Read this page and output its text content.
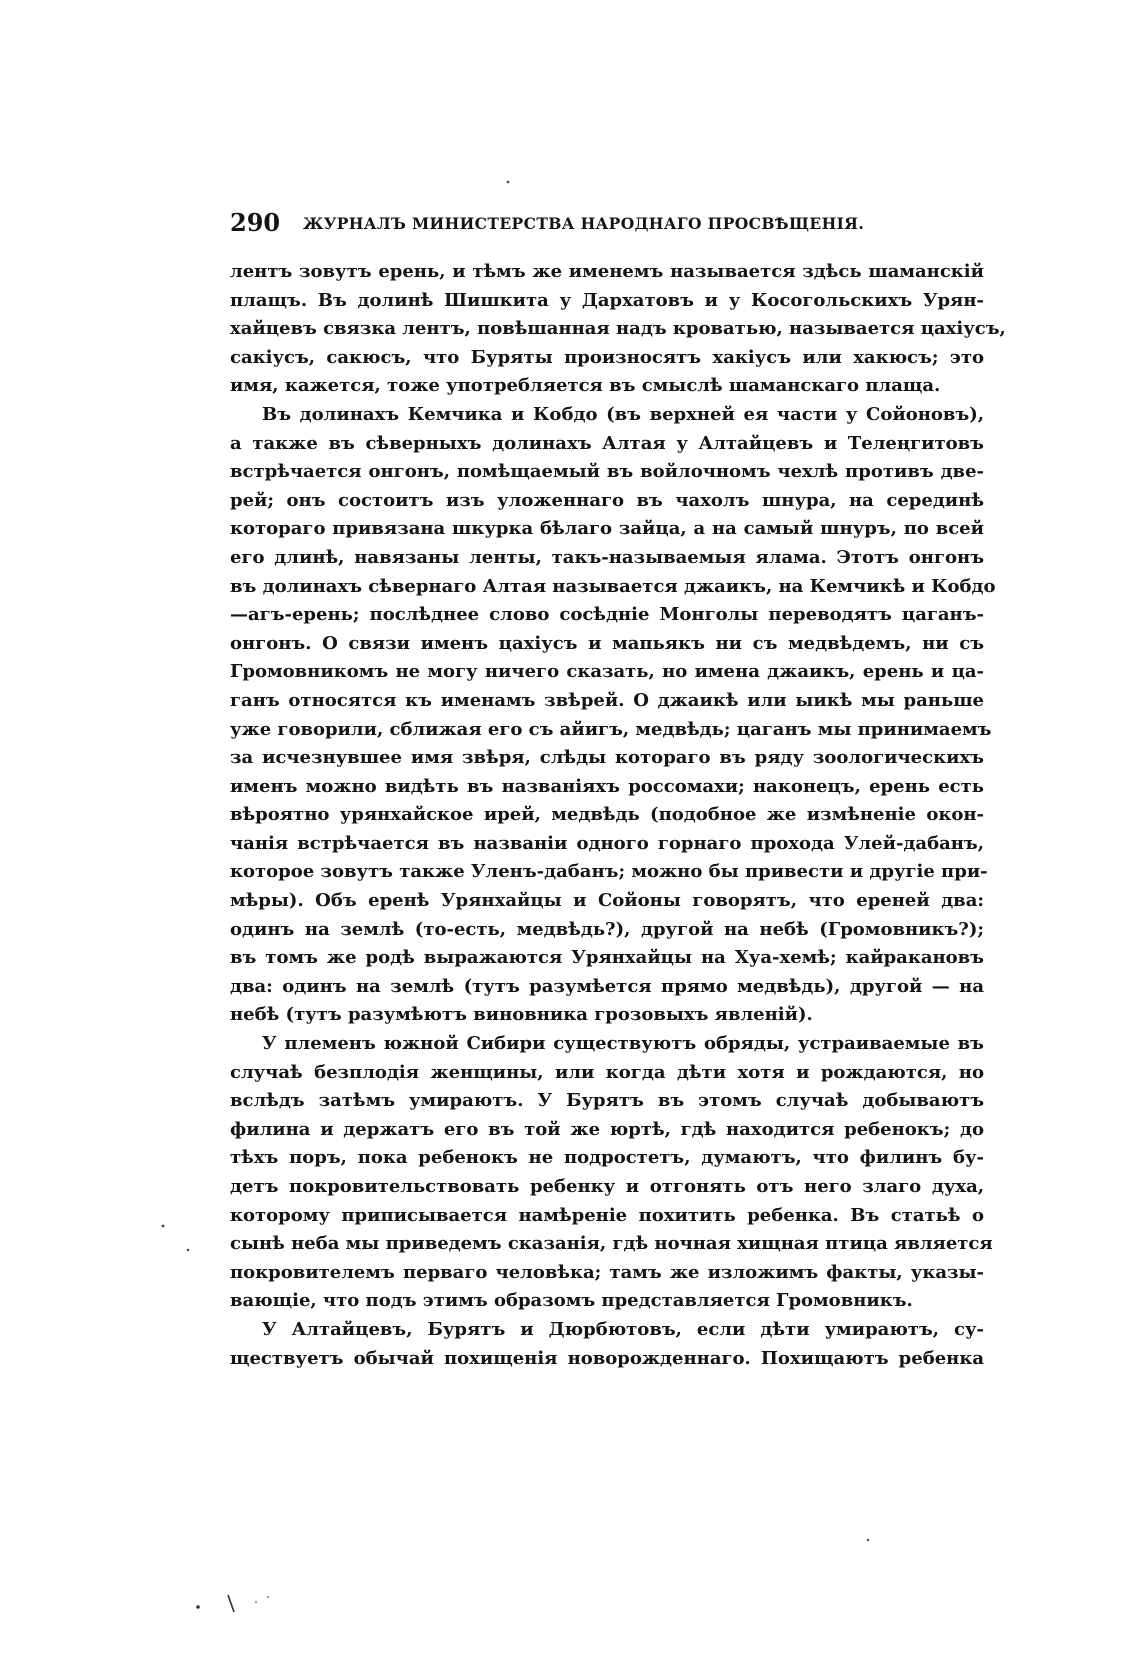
290 ЖУРНАЛЪ МИНИСТЕРСТВА НАРОДНАГО ПРОСВѢЩЕНІЯ.
лентъ зовутъ ерень, и тѣмъ же именемъ называется здѣсь шаманскій
плащъ. Въ долинѣ Шишкита у Дархатовъ и у Косогольскихъ Урян-
хайцевъ связка лентъ, повѣшанная надъ кроватью, называется цахіусъ,
сакіусъ, сакюсъ, что Буряты произносятъ хакіусъ или хакюсъ; это
имя, кажется, тоже употребляется въ смыслѣ шаманскаго плаща.
Въ долинахъ Кемчика и Кобдо (въ верхней ея части у Сойоновъ),
а также въ сѣверныхъ долинахъ Алтая у Алтайцевъ и Телеңгитовъ
встрѣчается онгонъ, помѣщаемый въ войлочномъ чехлѣ противъ две-
рей; онъ состоитъ изъ уложеннаго въ чахолъ шнура, на серединѣ
котораго привязана шкурка бѣлаго зайца, а на самый шнуръ, по всей
его длинѣ, навязаны ленты, такъ-называемыя ялама. Этотъ онгонъ
въ долинахъ сѣвернаго Алтая называется джаикъ, на Кемчикѣ и Кобдо
—агъ-ерень; послѣднее слово сосѣдніе Монголы переводятъ цаганъ-
онгонъ. О связи именъ цахіусъ и мапьякъ ни съ медвѣдемъ, ни съ
Громовникомъ не могу ничего сказать, но имена джаикъ, ерень и ца-
ганъ относятся къ именамъ звѣрей. О джаикѣ или ыикѣ мы раньше
уже говорили, сближая его съ айигъ, медвѣдь; цаганъ мы принимаемъ
за исчезнувшее имя звѣря, слѣды котораго въ ряду зоологическихъ
именъ можно видѣть въ названіяхъ россомахи; наконецъ, ерень есть
вѣроятно урянхайское ирей, медвѣдь (подобное же измѣненіе окон-
чанія встрѣчается въ названіи одного горнаго прохода Улей-дабанъ,
которое зовутъ также Уленъ-дабанъ; можно бы привести и другіе при-
мѣры). Объ еренѣ Урянхайцы и Сойоны говорятъ, что ереней два:
одинъ на землѣ (то-есть, медвѣдь?), другой на небѣ (Громовникъ?);
въ томъ же родѣ выражаются Урянхайцы на Хуа-хемѣ; кайракановъ
два: одинъ на землѣ (тутъ разумѣется прямо медвѣдь), другой — на
небѣ (тутъ разумѣютъ виновника грозовыхъ явленій).
У племенъ южной Сибири существуютъ обряды, устраиваемые въ
случаѣ безплодія женщины, или когда дѣти хотя и рождаются, но
вслѣдъ затѣмъ умираютъ. У Бурятъ въ этомъ случаѣ добываютъ
филина и держатъ его въ той же юртѣ, гдѣ находится ребенокъ; до
тѣхъ поръ, пока ребенокъ не подростетъ, думаютъ, что филинъ бу-
детъ покровительствовать ребенку и отгонять отъ него злаго духа,
которому приписывается намѣреніе похитить ребенка. Въ статьѣ о
сынѣ неба мы приведемъ сказанія, гдѣ ночная хищная птица является
покровителемъ перваго человѣка; тамъ же изложимъ факты, указы-
вающіе, что подъ этимъ образомъ представляется Громовникъ.
У Алтайцевъ, Бурятъ и Дюрбютовъ, если дѣти умираютъ, су-
ществуетъ обычай похищенія новорожденнаго. Похищаютъ ребенка
